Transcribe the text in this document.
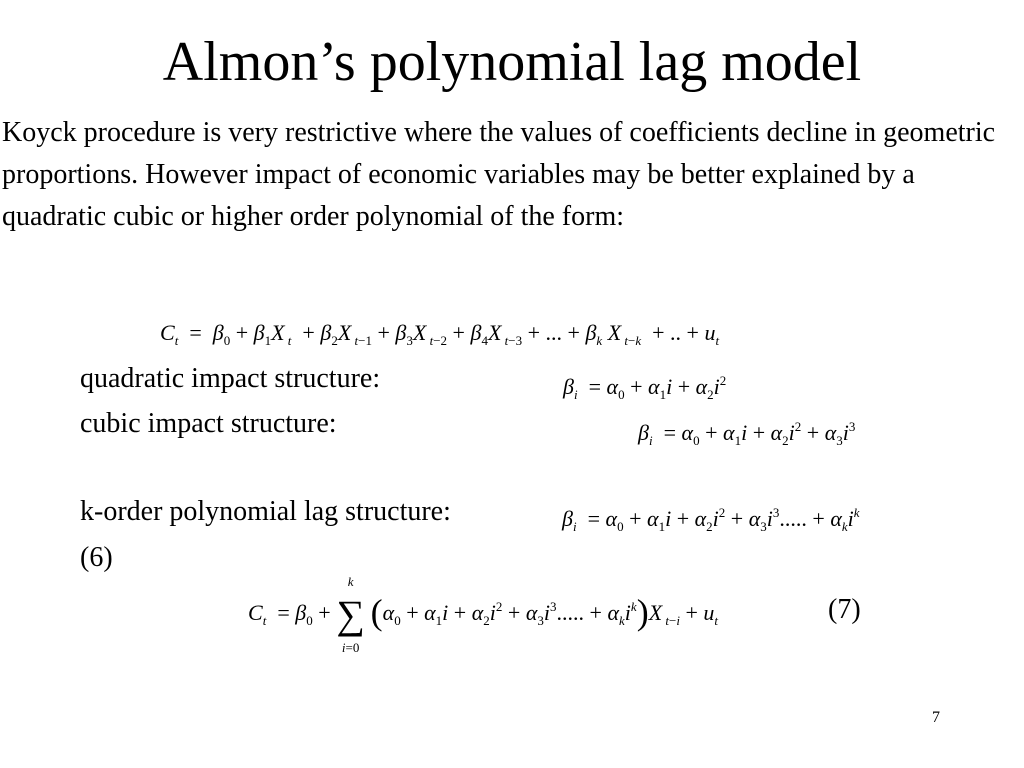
Almon’s polynomial lag model

Koyck procedure is very restrictive where the values of coefficients decline in geometric proportions. However impact of economic variables may be better explained by a quadratic cubic or higher order polynomial of the form:

$C_t = \beta_0 + \beta_1X$ $_t + \beta_2X$ $_{t-1} + \beta_3X$ $_{t-2} + \beta_4X$ $_{t-3}$ + ... + $\beta_k$ X $_{t-k}$  + .. + $u_t$
quadratic impact structure:	$\beta_i = \alpha_0 + \alpha_1i + \alpha_2i^2$
cubic impact structure:	$\beta_i = \alpha_0 + \alpha_1i + \alpha_2i^2 + \alpha_3i^3$
k-order polynomial lag structure:	$\beta_i = \alpha_0 + \alpha_1i + \alpha_2i^2 + \alpha_3i^3$..... + $\alpha_ki^k$
(6)
$C_t = \beta_0$ +
k
∑
i=0
($\alpha_0 + \alpha_1i + \alpha_2i^2 + \alpha_3i^3$..... + $\alpha_ki^k)X$ $_{t-i} + u_t$	(7)
7
